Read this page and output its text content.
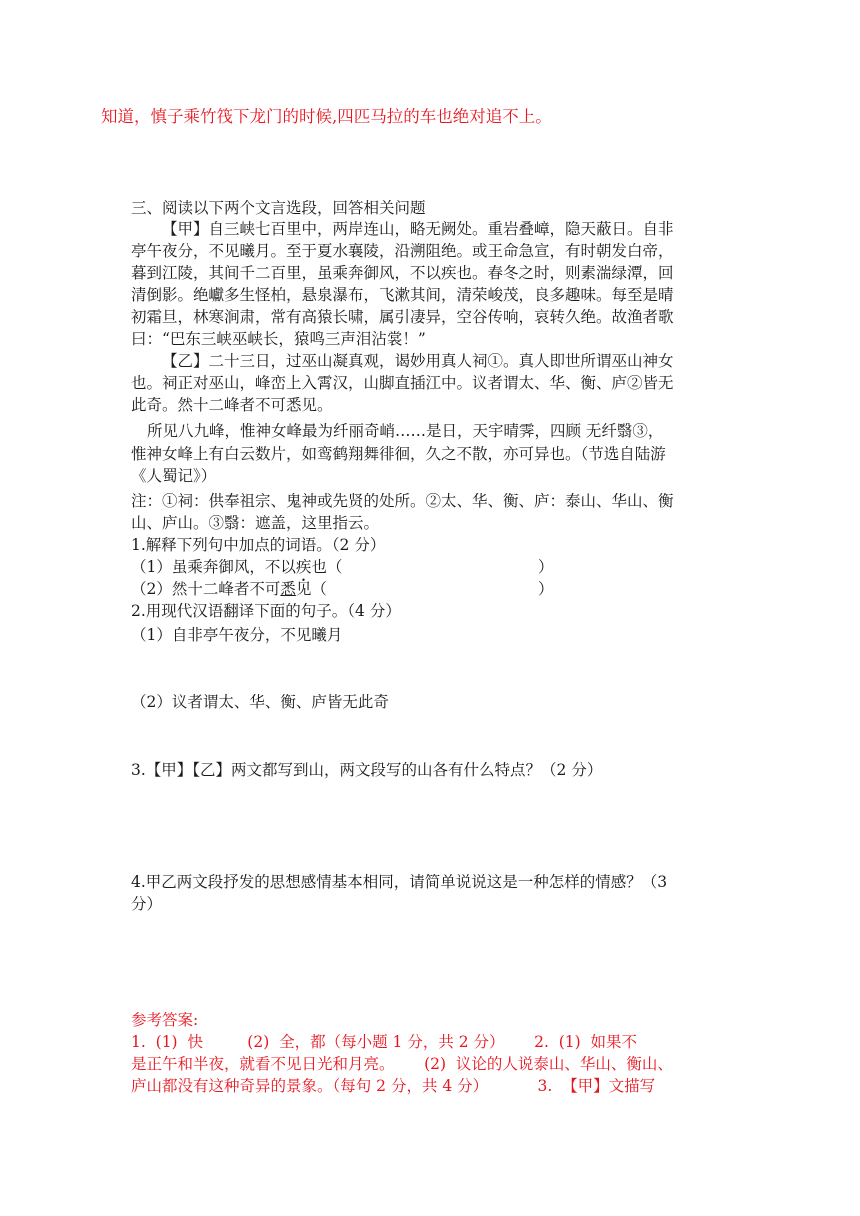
知道，慎子乘竹筏下龙门的时候,四匹马拉的车也绝对追不上。
三、阅读以下两个文言选段，回答相关问题
【甲】自三峡七百里中，两岸连山，略无阙处。重岩叠嶂，隐天蔽日。自非
亭午夜分，不见曦月。至于夏水襄陵，沿溯阻绝。或王命急宣，有时朝发白帝，
暮到江陵，其间千二百里，虽乘奔御风，不以疾也。春冬之时，则素湍绿潭，回
清倒影。绝巘多生怪柏，悬泉瀑布，飞漱其间，清荣峻茂，良多趣味。每至是晴
初霜旦，林寒涧肃，常有高猿长啸，属引凄异，空谷传响，哀转久绝。故渔者歌
曰：“巴东三峡巫峡长，猿鸣三声泪沾裳！”
【乙】二十三日，过巫山凝真观，谒妙用真人祠①。真人即世所谓巫山神女
也。祠正对巫山，峰峦上入霄汉，山脚直插江中。议者谓太、华、衡、庐②皆无
此奇。然十二峰者不可悉见。
所见八九峰，惟神女峰最为纤丽奇峭……是日，天宇晴霁，四顾 无纤翳③，
惟神女峰上有白云数片，如鸾鹤翔舞徘徊，久之不散，亦可异也。（节选自陆游
《人蜀记》）
注：①祠：供奉祖宗、鬼神或先贤的处所。②太、华、衡、庐：泰山、华山、衡
山、庐山。③翳：遮盖，这里指云。
1.解释下列句中加点的词语。（2 分）
（1）虽乘奔御风，不以疾也（	）
（2）然十二峰者不可悉见（	）
2.用现代汉语翻译下面的句子。（4 分）
（1）自非亭午夜分，不见曦月
（2）议者谓太、华、衡、庐皆无此奇
3.【甲】【乙】两文都写到山，两文段写的山各有什么特点？（2 分）
4.甲乙两文段抒发的思想感情基本相同，请简单说说这是一种怎样的情感？（3
分）
参考答案:
1.  (1)  快         (2)  全，都（每小题 1 分，共 2 分）      2.  (1)  如果不
是正午和半夜，就看不见日光和月亮。      (2)  议论的人说泰山、华山、衡山、
庐山都没有这种奇异的景象。（每句 2 分，共 4 分）          3.  【甲】文描写
